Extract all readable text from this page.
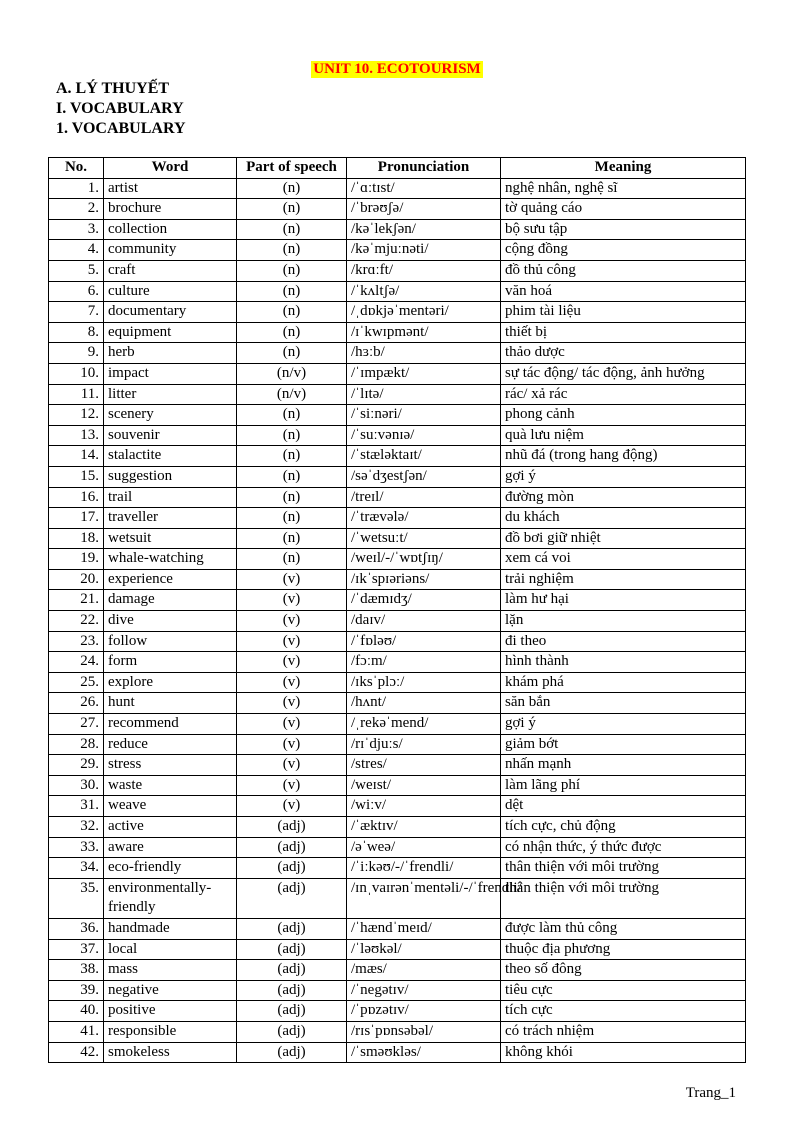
UNIT 10. ECOTOURISM
A. LÝ THUYẾT
I. VOCABULARY
1. VOCABULARY
No.	Word	Part of speech	Pronunciation	Meaning
1.	artist	(n)	/ˈɑːtɪst/	nghệ nhân, nghệ sĩ
2.	brochure	(n)	/ˈbrəʊʃə/	tờ quảng cáo
3.	collection	(n)	/kəˈlekʃən/	bộ sưu tập
4.	community	(n)	/kəˈmjuːnəti/	cộng đồng
5.	craft	(n)	/krɑːft/	đồ thủ công
6.	culture	(n)	/ˈkʌltʃə/	văn hoá
7.	documentary	(n)	/ˌdɒkjəˈmentəri/	phim tài liệu
8.	equipment	(n)	/ɪˈkwɪpmənt/	thiết bị
9.	herb	(n)	/hɜːb/	thảo dược
10.	impact	(n/v)	/ˈɪmpækt/	sự tác động/ tác động, ảnh hưởng
11.	litter	(n/v)	/ˈlɪtə/	rác/ xả rác
12.	scenery	(n)	/ˈsiːnəri/	phong cảnh
13.	souvenir	(n)	/ˈsuːvənɪə/	quà lưu niệm
14.	stalactite	(n)	/ˈstæləktaɪt/	nhũ đá (trong hang động)
15.	suggestion	(n)	/səˈdʒestʃən/	gợi ý
16.	trail	(n)	/treɪl/	đường mòn
17.	traveller	(n)	/ˈtrævələ/	du khách
18.	wetsuit	(n)	/ˈwetsuːt/	đồ bơi giữ nhiệt
19.	whale-watching	(n)	/weɪl/-/ˈwɒtʃɪŋ/	xem cá voi
20.	experience	(v)	/ɪkˈspɪəriəns/	trải nghiệm
21.	damage	(v)	/ˈdæmɪdʒ/	làm hư hại
22.	dive	(v)	/daɪv/	lặn
23.	follow	(v)	/ˈfɒləʊ/	đi theo
24.	form	(v)	/fɔːm/	hình thành
25.	explore	(v)	/ɪksˈplɔː/	khám phá
26.	hunt	(v)	/hʌnt/	săn bắn
27.	recommend	(v)	/ˌrekəˈmend/	gợi ý
28.	reduce	(v)	/rɪˈdjuːs/	giảm bớt
29.	stress	(v)	/stres/	nhấn mạnh
30.	waste	(v)	/weɪst/	làm lãng phí
31.	weave	(v)	/wiːv/	dệt
32.	active	(adj)	/ˈæktɪv/	tích cực, chủ động
33.	aware	(adj)	/əˈweə/	có nhận thức, ý thức được
34.	eco-friendly	(adj)	/ˈiːkəʊ/-/ˈfrendli/	thân thiện với môi trường
35.	environmentally-friendly	(adj)	/ɪnˌvaɪrənˈmentəli/-/ˈfrendli/	thân thiện với môi trường
36.	handmade	(adj)	/ˈhændˈmeɪd/	được làm thủ công
37.	local	(adj)	/ˈləʊkəl/	thuộc địa phương
38.	mass	(adj)	/mæs/	theo số đông
39.	negative	(adj)	/ˈnegətɪv/	tiêu cực
40.	positive	(adj)	/ˈpɒzətɪv/	tích cực
41.	responsible	(adj)	/rɪsˈpɒnsəbəl/	có trách nhiệm
42.	smokeless	(adj)	/ˈsməʊkləs/	không khói
Trang_1
